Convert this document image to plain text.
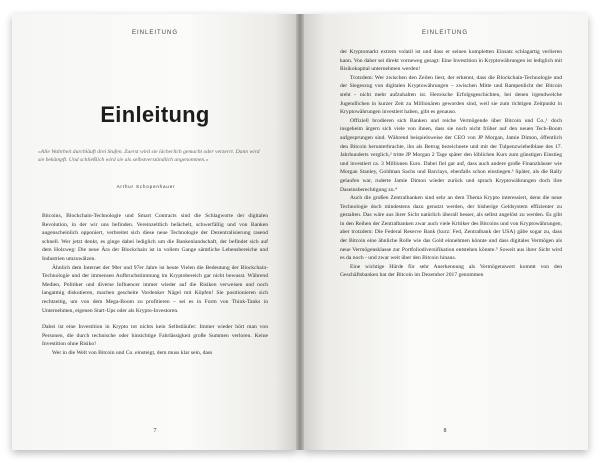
EINLEITUNG
Einleitung
»Alle Wahrheit durchläuft drei Stufen. Zuerst wird sie lächerlich gemacht oder verzerrt. Dann wird sie bekämpft. Und schließlich wird sie als selbstverständlich angenommen.«
Arthur Schopenhauer

Bitcoins, Blockchain-Technologie und Smart Contracts sind die Schlagworte der digitalen Revolution, in der wir uns befinden. Vereinzeltlich belächelt, schwerfällig und von Banken augenscheinlich opponiert, verbreitet sich diese neue Technologie der Dezentralisierung rasend schnell. Wer jetzt denkt, es ginge dabei lediglich um die Bankenlandschaft, der befindet sich auf dem Holzweg: Die neue Ära der Blockchain ist in vollem Gange sämtliche Lebensbereiche und Industrien umzuwälzen.

Ähnlich dem Internet der 90er und 97er Jahre ist heute Vielen die Bedeutung der Blockchain-Technologie und der immensen Aufbruchstimmung im Kryptobereich gar nicht bewusst. Während Medien, Politiker und diverse Influencer immer wieder auf die Risiken verweisen und noch langatmig diskutieren, machen gescheite Vordenker Nägel mit Köpfen! Sie positionieren sich rechtzeitig, um von dem Mega-Boom zu profitieren – sei es in Form von Think-Tanks in Unternehmen, eigenen Start-Ups oder als Krypto-Investoren.

Dabei ist eine Investition in Krypto tot nichts kein Selbstläufer: Immer wieder hört man von Personen, die durch technische oder hinsichtige Fahrlässigkeit große Summen verloren. Keine Investition ohne Risiko!

Wer in die Welt von Bitcoin und Co. einsteigt, dem muss klar sein, dass

7
EINLEITUNG

der Kryptomarkt extrem volatil ist und dass er seinen kompletten Einsatz schlagartig verlieren kann. Von daher sei direkt vorneweg gesagt: Eine Investition in Kryptowährungen ist lediglich mit Risikokapital unternehmen werden!

Trotzdem: Wer zwischen den Zeilen liest, der erkennt, dass die Blockchain-Technologie und der Siegeszug von digitalen Kryptowährungen – zwischen Mitte und Rampenlicht der Bitcoin steht - nicht mehr aufzuhalten ist. Heroische Erfolgsgeschichten, bei denen irgendwelche Jugendlichen in kurzer Zeit zu Millionären geworden sind, weil sie zum richtigen Zeitpunkt in Kryptowährungen investiert haben, gibt es genauso.

Offiziell brodieren sich Banken und reiche Vermögende über Bitcoin und Co.,¹ doch insgeheim ärgern sich viele von ihnen, dass sie noch nicht früher auf den neuen Tech-Boom aufgesprungen sind. Während beispielsweise der CEO von JP Morgan, Jamie Dimon, öffentlich den Bitcoin herunterbrachte, ihn als Betrug bezeichnete und mit der Tulpenzwiebelblase des 17. Jahrhunderts verglich,² tritte JP Morgan 2 Tage später den löblichen Kurs zum günstigen Einstieg und investiert ca. 3 Millionen Euro. Dabei fiel gar auf, dass auch andere große Finanzhäuser wie Morgan Stanley, Goldman Sachs und Barclays, ebenfalls schon einstiegen.³ Später, als die Rally gelaufen war, ruderte Jamie Dimon wieder zurück und sprach Kryptowährungen doch ihre Daseinsberechtigung zu.⁴

Auch die großen Zentralbanken sind sehr an dem Thema Krypto interessiert, denn die neue Technologie doch mindestens dazu genutzt werden, der bisherige Geldsystem effizienter zu gestalten. Das wäre aus ihrer Sicht natürlich überall besser, als selbst angelöst zu werden. Es gibt in den Reihen der Zentralbanken zwar auch viele Kritiker des Bitcoins und von Kryptowährungen, aber trotzdem: Die Federal Reserve Bank (kurz: Fed, Zentralbank der USA) gäbe sogar zu, dass der Bitcoin eine ähnliche Rolle wie das Gold einnehmen könnte und dass digitales Vermögen als neue Vermögensklasse zur Portfoliodiversifikation entstehen könnte.⁵ Soweit aus ihrer Sicht wird es da noch - und zwar weit über den Bitcoin hinaus.

Eine wichtige Hürde für sehr Anerkennung als Vermögenswert kommt von den Geschäftsbanken hat der Bitcoin im Dezember 2017 genommen

8
